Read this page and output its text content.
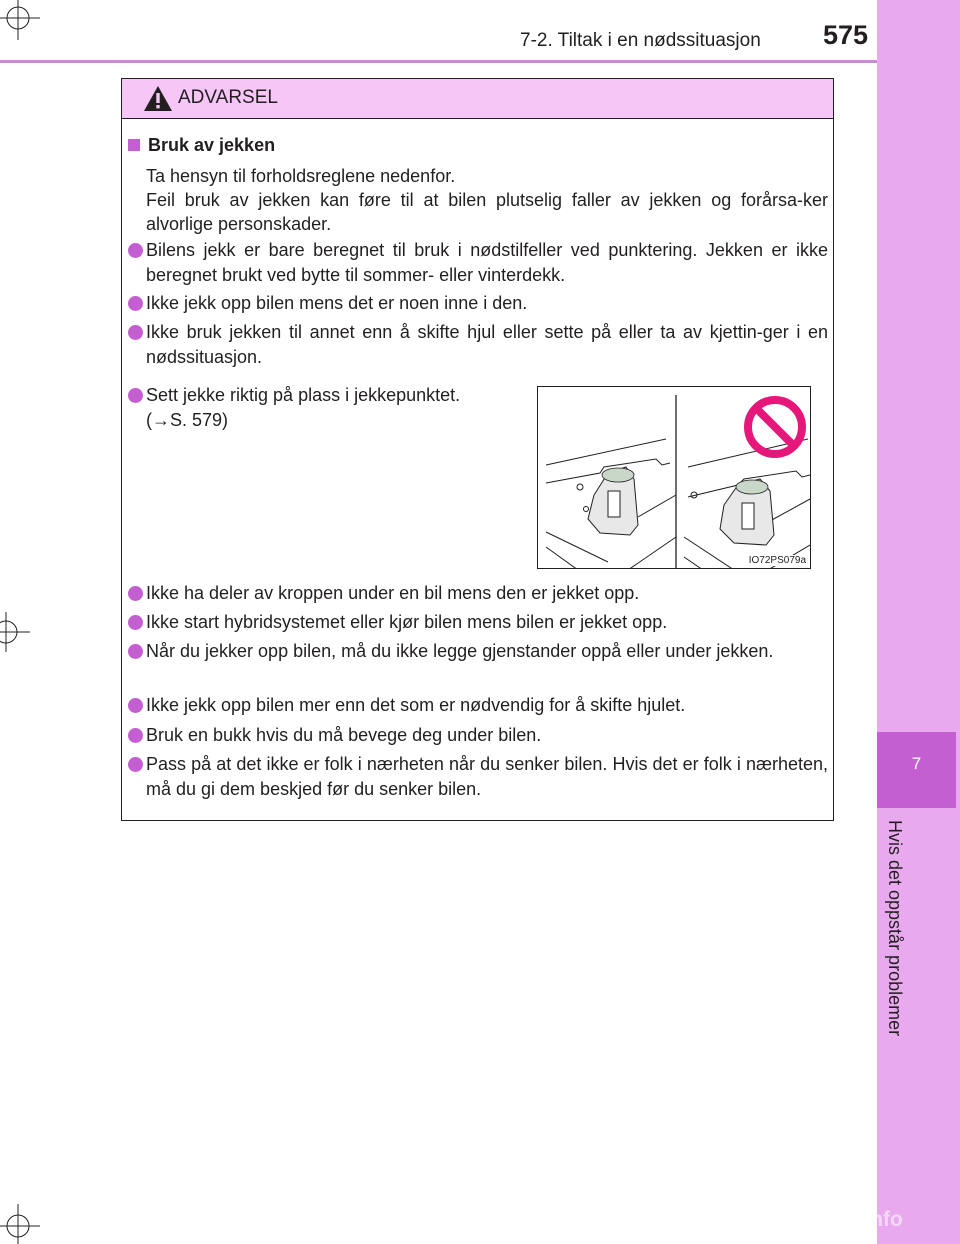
7
Hvis det oppstår problemer
7-2. Tiltak i en nødssituasjon 575
ADVARSEL
Bruk av jekken
Ta hensyn til forholdsreglene nedenfor.
Feil bruk av jekken kan føre til at bilen plutselig faller av jekken og forårsa-ker alvorlige personskader.
Bilens jekk er bare beregnet til bruk i nødstilfeller ved punktering. Jekken er ikke beregnet brukt ved bytte til sommer- eller vinterdekk.
Ikke jekk opp bilen mens det er noen inne i den.
Ikke bruk jekken til annet enn å skifte hjul eller sette på eller ta av kjettin-ger i en nødssituasjon.
Sett jekke riktig på plass i jekkepunktet.
(→S. 579)
IO72PS079a
Ikke ha deler av kroppen under en bil mens den er jekket opp.
Ikke start hybridsystemet eller kjør bilen mens bilen er jekket opp.
Når du jekker opp bilen, må du ikke legge gjenstander oppå eller under jekken.
Ikke jekk opp bilen mer enn det som er nødvendig for å skifte hjulet.
Bruk en bukk hvis du må bevege deg under bilen.
Pass på at det ikke er folk i nærheten når du senker bilen. Hvis det er folk i nærheten, må du gi dem beskjed før du senker bilen.
carmanualsonline.info
